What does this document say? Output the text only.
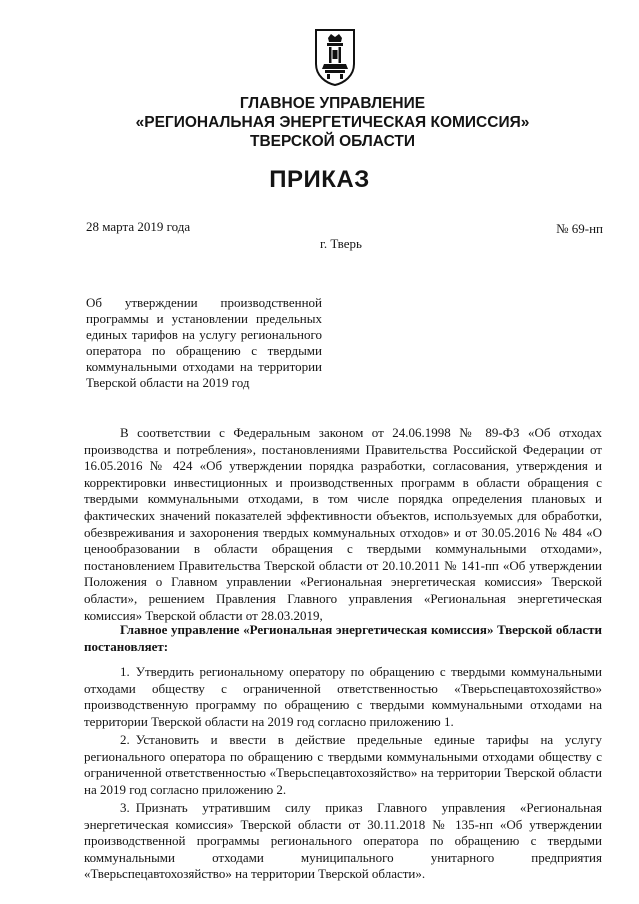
ГЛАВНОЕ УПРАВЛЕНИЕ
«РЕГИОНАЛЬНАЯ ЭНЕРГЕТИЧЕСКАЯ КОМИССИЯ»
ТВЕРСКОЙ ОБЛАСТИ
ПРИКАЗ
28 марта 2019 года	№ 69-нп
г. Тверь

Об утверждении производственной программы и установлении предельных единых тарифов на услугу регионального оператора по обращению с твердыми коммунальными отходами на территории Тверской области на 2019 год

В соответствии с Федеральным законом от 24.06.1998 № 89-ФЗ «Об отходах производства и потребления», постановлениями Правительства Российской Федерации от 16.05.2016 № 424 «Об утверждении порядка разработки, согласования, утверждения и корректировки инвестиционных и производственных программ в области обращения с твердыми коммунальными отходами, в том числе порядка определения плановых и фактических значений показателей эффективности объектов, используемых для обработки, обезвреживания и захоронения твердых коммунальных отходов» и от 30.05.2016 № 484 «О ценообразовании в области обращения с твердыми коммунальными отходами», постановлением Правительства Тверской области от 20.10.2011 № 141-пп «Об утверждении Положения о Главном управлении «Региональная энергетическая комиссия» Тверской области», решением Правления Главного управления «Региональная энергетическая комиссия» Тверской области от 28.03.2019,

Главное управление «Региональная энергетическая комиссия» Тверской области постановляет:

1. Утвердить региональному оператору по обращению с твердыми коммунальными отходами обществу с ограниченной ответственностью «Тверьспецавтохозяйство» производственную программу по обращению с твердыми коммунальными отходами на территории Тверской области на 2019 год согласно приложению 1.
2. Установить и ввести в действие предельные единые тарифы на услугу регионального оператора по обращению с твердыми коммунальными отходами обществу с ограниченной ответственностью «Тверьспецавтохозяйство» на территории Тверской области на 2019 год согласно приложению 2.
3. Признать утратившим силу приказ Главного управления «Региональная энергетическая комиссия» Тверской области от 30.11.2018 № 135-нп «Об утверждении производственной программы регионального оператора по обращению с твердыми коммунальными отходами муниципального унитарного предприятия «Тверьспецавтохозяйство» на территории Тверской области».
